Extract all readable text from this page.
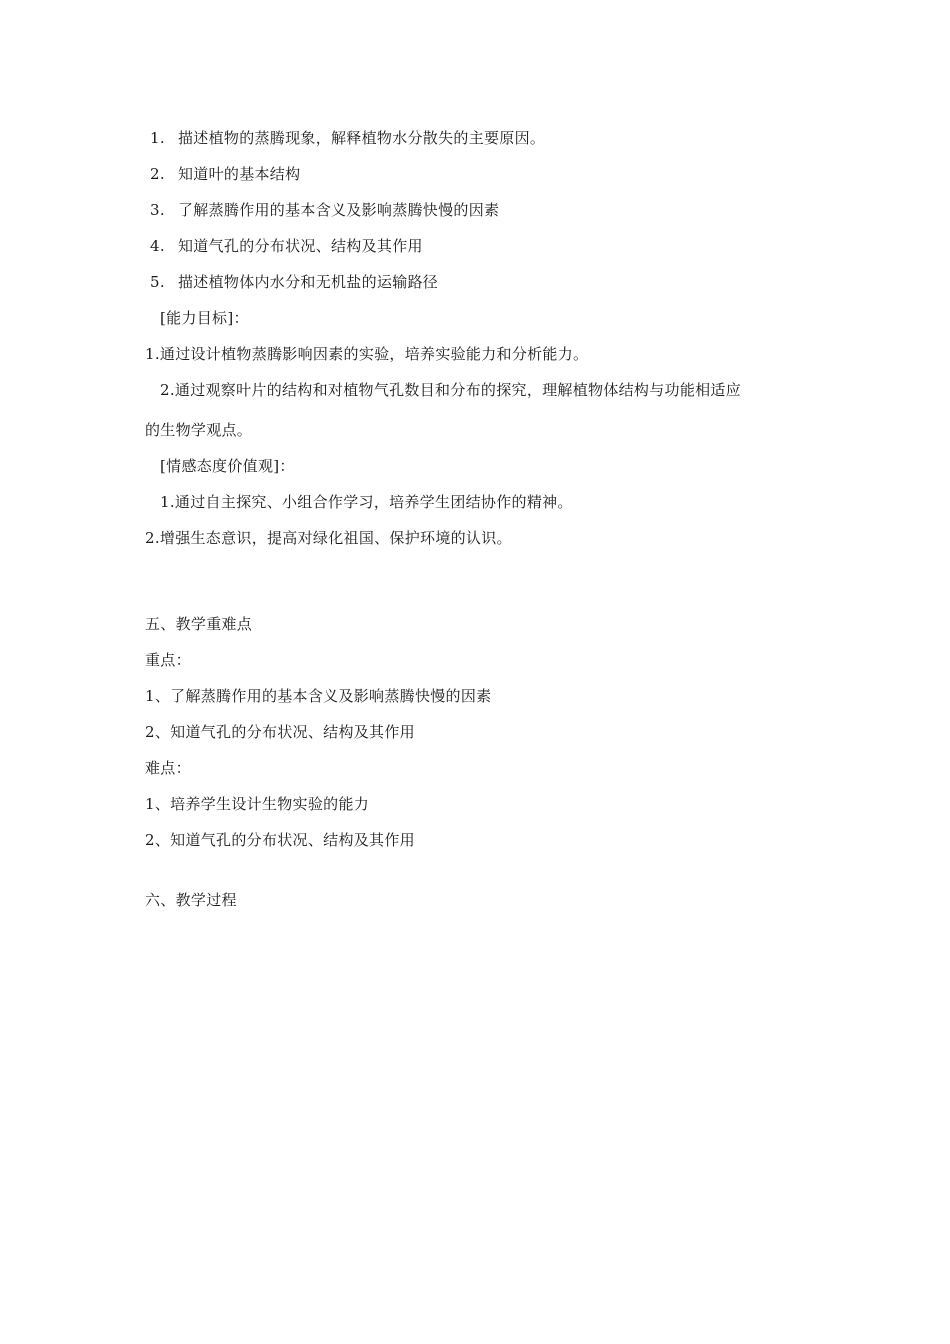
1. 描述植物的蒸腾现象，解释植物水分散失的主要原因。
2. 知道叶的基本结构
3. 了解蒸腾作用的基本含义及影响蒸腾快慢的因素
4. 知道气孔的分布状况、结构及其作用
5. 描述植物体内水分和无机盐的运输路径
[能力目标]：
1.通过设计植物蒸腾影响因素的实验，培养实验能力和分析能力。
2.通过观察叶片的结构和对植物气孔数目和分布的探究，理解植物体结构与功能相适应
的生物学观点。
[情感态度价值观]：
1.通过自主探究、小组合作学习，培养学生团结协作的精神。
2.增强生态意识，提高对绿化祖国、保护环境的认识。
五、教学重难点
重点：
1、了解蒸腾作用的基本含义及影响蒸腾快慢的因素
2、知道气孔的分布状况、结构及其作用
难点：
1、培养学生设计生物实验的能力
2、知道气孔的分布状况、结构及其作用
六、教学过程
